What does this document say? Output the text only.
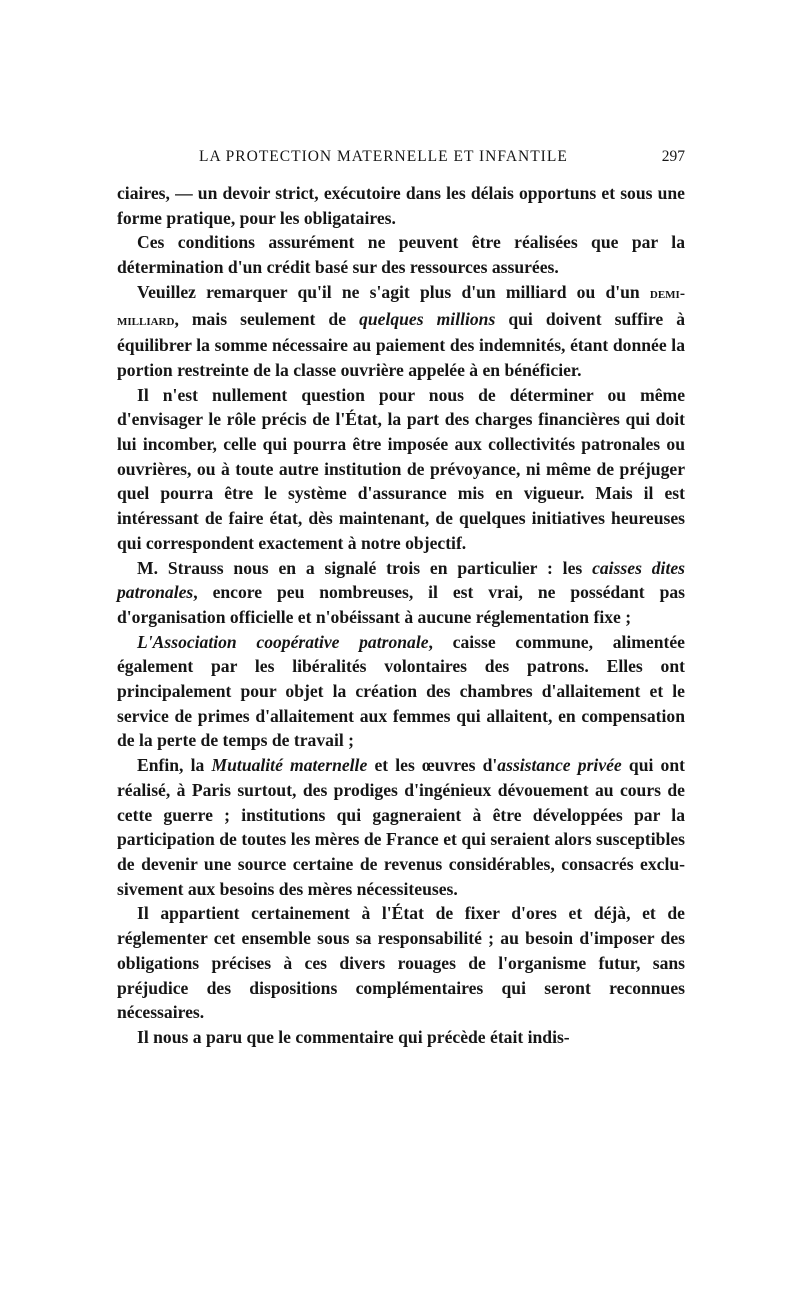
LA PROTECTION MATERNELLE ET INFANTILE	297

ciaires, — un devoir strict, exécutoire dans les délais opportuns et sous une forme pratique, pour les obligataires.

Ces conditions assurément ne peuvent être réalisées que par la détermination d'un crédit basé sur des ressources assurées.

Veuillez remarquer qu'il ne s'agit plus d'un milliard ou d'un demi-milliard, mais seulement de quelques millions qui doivent suffire à équilibrer la somme nécessaire au paiement des indemnités, étant donnée la portion restreinte de la classe ouvrière appelée à en bénéficier.

Il n'est nullement question pour nous de déterminer ou même d'envisager le rôle précis de l'État, la part des charges financières qui doit lui incomber, celle qui pourra être imposée aux collectivités patronales ou ouvrières, ou à toute autre institution de prévoyance, ni même de préjuger quel pourra être le système d'assurance mis en vigueur. Mais il est intéressant de faire état, dès maintenant, de quelques initiatives heureuses qui correspondent exactement à notre objectif.

M. Strauss nous en a signalé trois en particulier : les caisses dites patronales, encore peu nombreuses, il est vrai, ne possédant pas d'organisation officielle et n'obéissant à aucune réglementation fixe ;

L'Association coopérative patronale, caisse commune, alimentée également par les libéralités volontaires des patrons. Elles ont principalement pour objet la création des chambres d'allaitement et le service de primes d'allaitement aux femmes qui allaitent, en compensation de la perte de temps de travail ;

Enfin, la Mutualité maternelle et les œuvres d'assistance privée qui ont réalisé, à Paris surtout, des prodiges d'ingénieux dévouement au cours de cette guerre ; institutions qui gagneraient à être développées par la participation de toutes les mères de France et qui seraient alors susceptibles de devenir une source certaine de revenus considérables, consacrés exclusivement aux besoins des mères nécessiteuses.

Il appartient certainement à l'État de fixer d'ores et déjà, et de réglementer cet ensemble sous sa responsabilité ; au besoin d'imposer des obligations précises à ces divers rouages de l'organisme futur, sans préjudice des dispositions complémentaires qui seront reconnues nécessaires.

Il nous a paru que le commentaire qui précède était indis-
